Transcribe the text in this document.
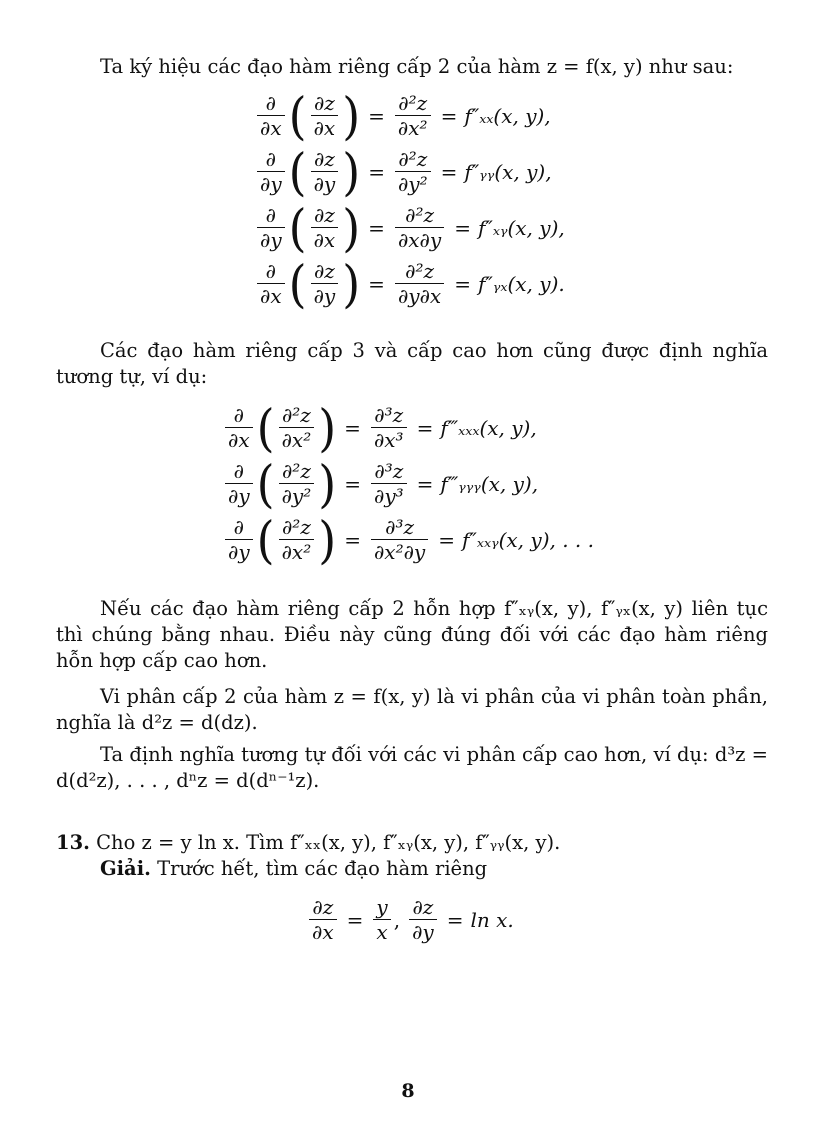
Ta ký hiệu các đạo hàm riêng cấp 2 của hàm z = f(x, y) như sau:

$\frac{\partial}{\partial x}$ ( $\frac{\partial z}{\partial x}$ ) = $\frac{\text{∂²z}}{\text{∂x²}} = f''_{xx}(x$, y),
$\frac{\partial}{\partial y}$ ( $\frac{\partial z}{\partial y}$ ) = $\frac{\text{∂²z}}{\text{∂y²}}$ = f″ᵧᵧ(x, y),
$\frac{\partial}{\partial y}$ ( $\frac{\partial z}{\partial x}$ ) = $\frac{\text{∂²z}}{\partial x\partial y}$ = f″ₓᵧ(x, y),
$\frac{\partial}{\partial x}$ ( $\frac{\partial z}{\partial y}$ ) = $\frac{\text{∂²z}}{\partial y\partial x}$ = f″ᵧₓ(x, y).

Các đạo hàm riêng cấp 3 và cấp cao hơn cũng được định nghĩa tương tự, ví dụ:

$\frac{\partial}{\partial x}$ ( $\frac{\text{∂²z}}{\text{∂x²}}$ ) = $\frac{\text{∂³z}}{\text{∂x³}}$ = f‴ₓₓₓ(x, y),
$\frac{\partial}{\partial y}$ ( $\frac{\text{∂²z}}{\text{∂y²}}$ ) = $\frac{\text{∂³z}}{\text{∂y³}}$ = f‴ᵧᵧᵧ(x, y),
$\frac{\partial}{\partial y}$ ( $\frac{\text{∂²z}}{\text{∂x²}}$ ) = $\frac{\text{∂³z}}{\text{∂x²∂y}}$ = f″ₓₓᵧ(x, y), . . .

Nếu các đạo hàm riêng cấp 2 hỗn hợp f″ₓᵧ(x, y), f″ᵧₓ(x, y) liên tục thì chúng bằng nhau. Điều này cũng đúng đối với các đạo hàm riêng hỗn hợp cấp cao hơn.

Vi phân cấp 2 của hàm z = f(x, y) là vi phân của vi phân toàn phần, nghĩa là d²z = d(dz).

Ta định nghĩa tương tự đối với các vi phân cấp cao hơn, ví dụ: d³z = d(d²z), . . . , dⁿz = d(dⁿ⁻¹z).

13. Cho z = y ln x. Tìm f″ₓₓ(x, y), f″ₓᵧ(x, y), f″ᵧᵧ(x, y).

Giải. Trước hết, tìm các đạo hàm riêng

$\frac{\partial z}{\partial x} = \frac{y}{x}$ , $\frac{\partial z}{\partial y} = \ln x$.
8
